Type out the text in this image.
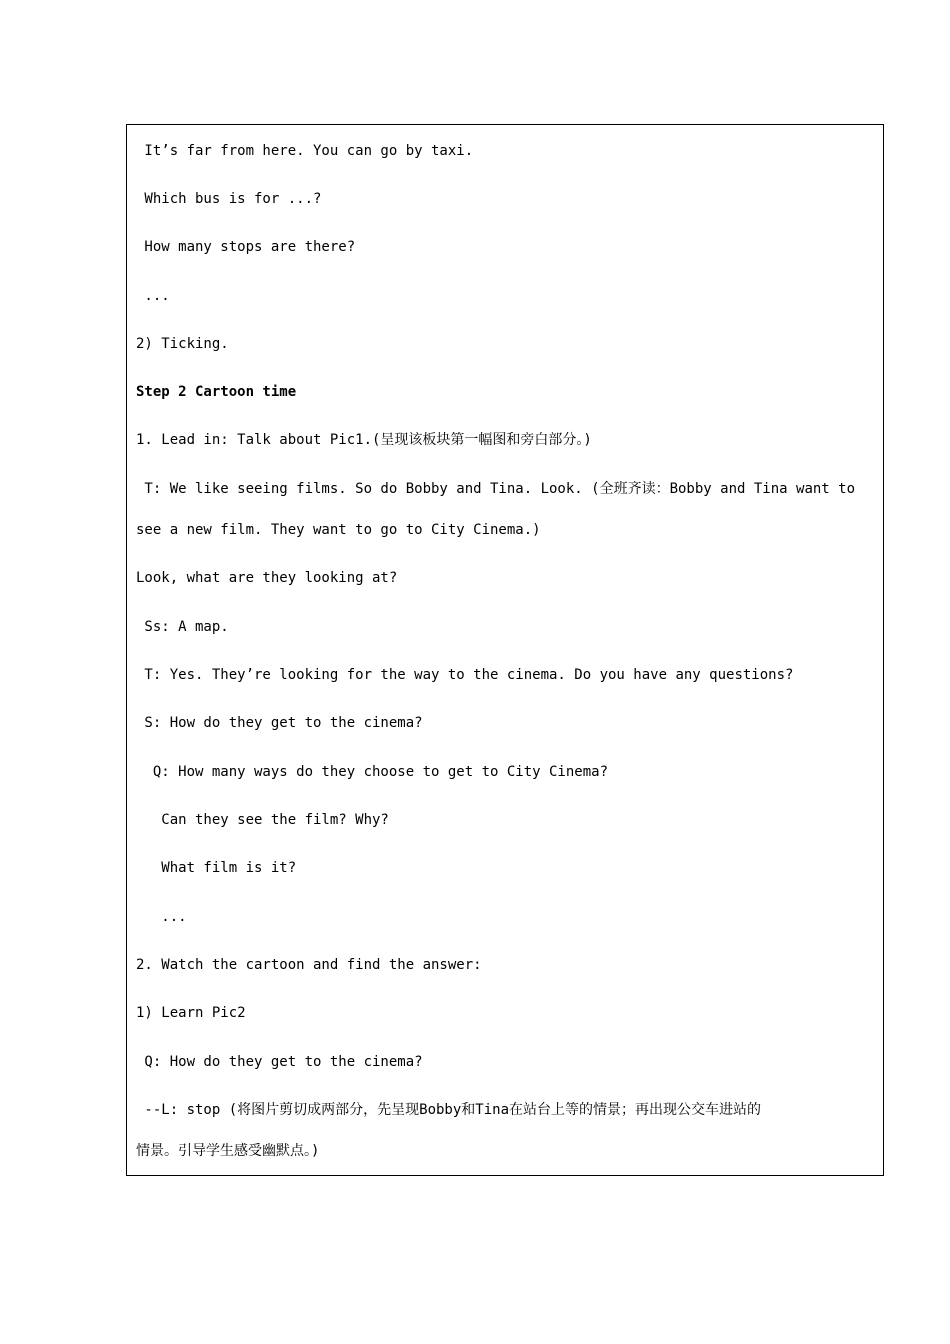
It’s far from here. You can go by taxi.
Which bus is for ...?
How many stops are there?
...
2) Ticking.
Step 2 Cartoon time
1. Lead in: Talk about Pic1.(呈现该板块第一幅图和旁白部分。)
T: We like seeing films. So do Bobby and Tina. Look. (全班齐读：Bobby and Tina want to
see a new film. They want to go to City Cinema.)
Look, what are they looking at?
Ss: A map.
T: Yes. They’re looking for the way to the cinema. Do you have any questions?
S: How do they get to the cinema?
Q: How many ways do they choose to get to City Cinema?
Can they see the film? Why?
What film is it?
...
2. Watch the cartoon and find the answer:
1) Learn Pic2
Q: How do they get to the cinema?
--L: stop (将图片剪切成两部分，先呈现Bobby和Tina在站台上等的情景；再出现公交车进站的
情景。引导学生感受幽默点。)
